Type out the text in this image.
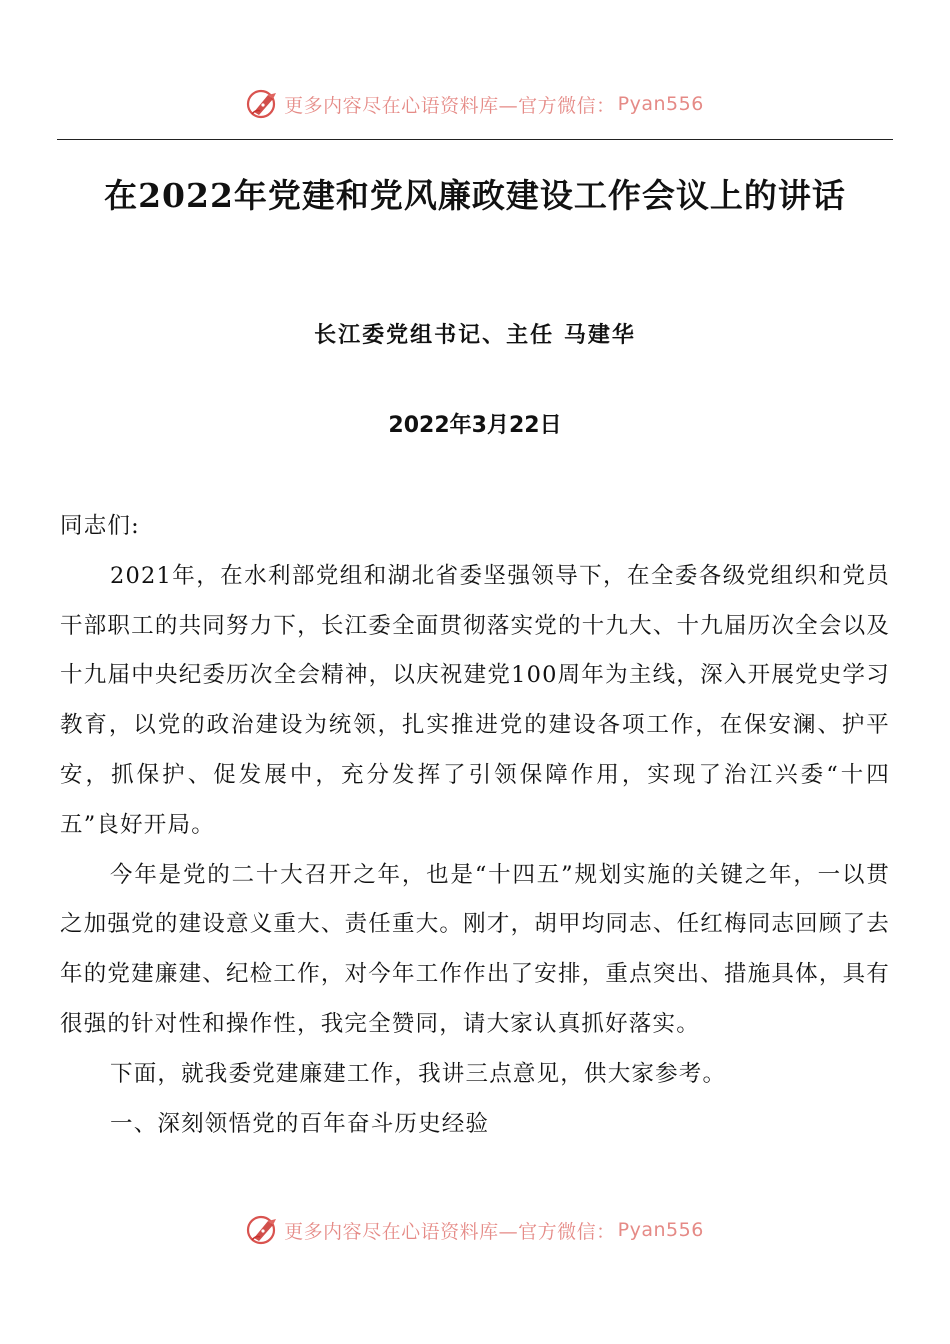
更多内容尽在心语资料库—官方微信： Pyan556
在2022年党建和党风廉政建设工作会议上的讲话
长江委党组书记、主任 马建华
2022年3月22日

同志们:

2021年，在水利部党组和湖北省委坚强领导下，在全委各级党组织和党员干部职工的共同努力下，长江委全面贯彻落实党的十九大、十九届历次全会以及十九届中央纪委历次全会精神，以庆祝建党100周年为主线，深入开展党史学习教育，以党的政治建设为统领，扎实推进党的建设各项工作，在保安澜、护平安，抓保护、促发展中，充分发挥了引领保障作用，实现了治江兴委“十四五”良好开局。

今年是党的二十大召开之年，也是“十四五”规划实施的关键之年，一以贯之加强党的建设意义重大、责任重大。刚才，胡甲均同志、任红梅同志回顾了去年的党建廉建、纪检工作，对今年工作作出了安排，重点突出、措施具体，具有很强的针对性和操作性，我完全赞同，请大家认真抓好落实。

下面，就我委党建廉建工作，我讲三点意见，供大家参考。

一、深刻领悟党的百年奋斗历史经验

更多内容尽在心语资料库—官方微信： Pyan556
